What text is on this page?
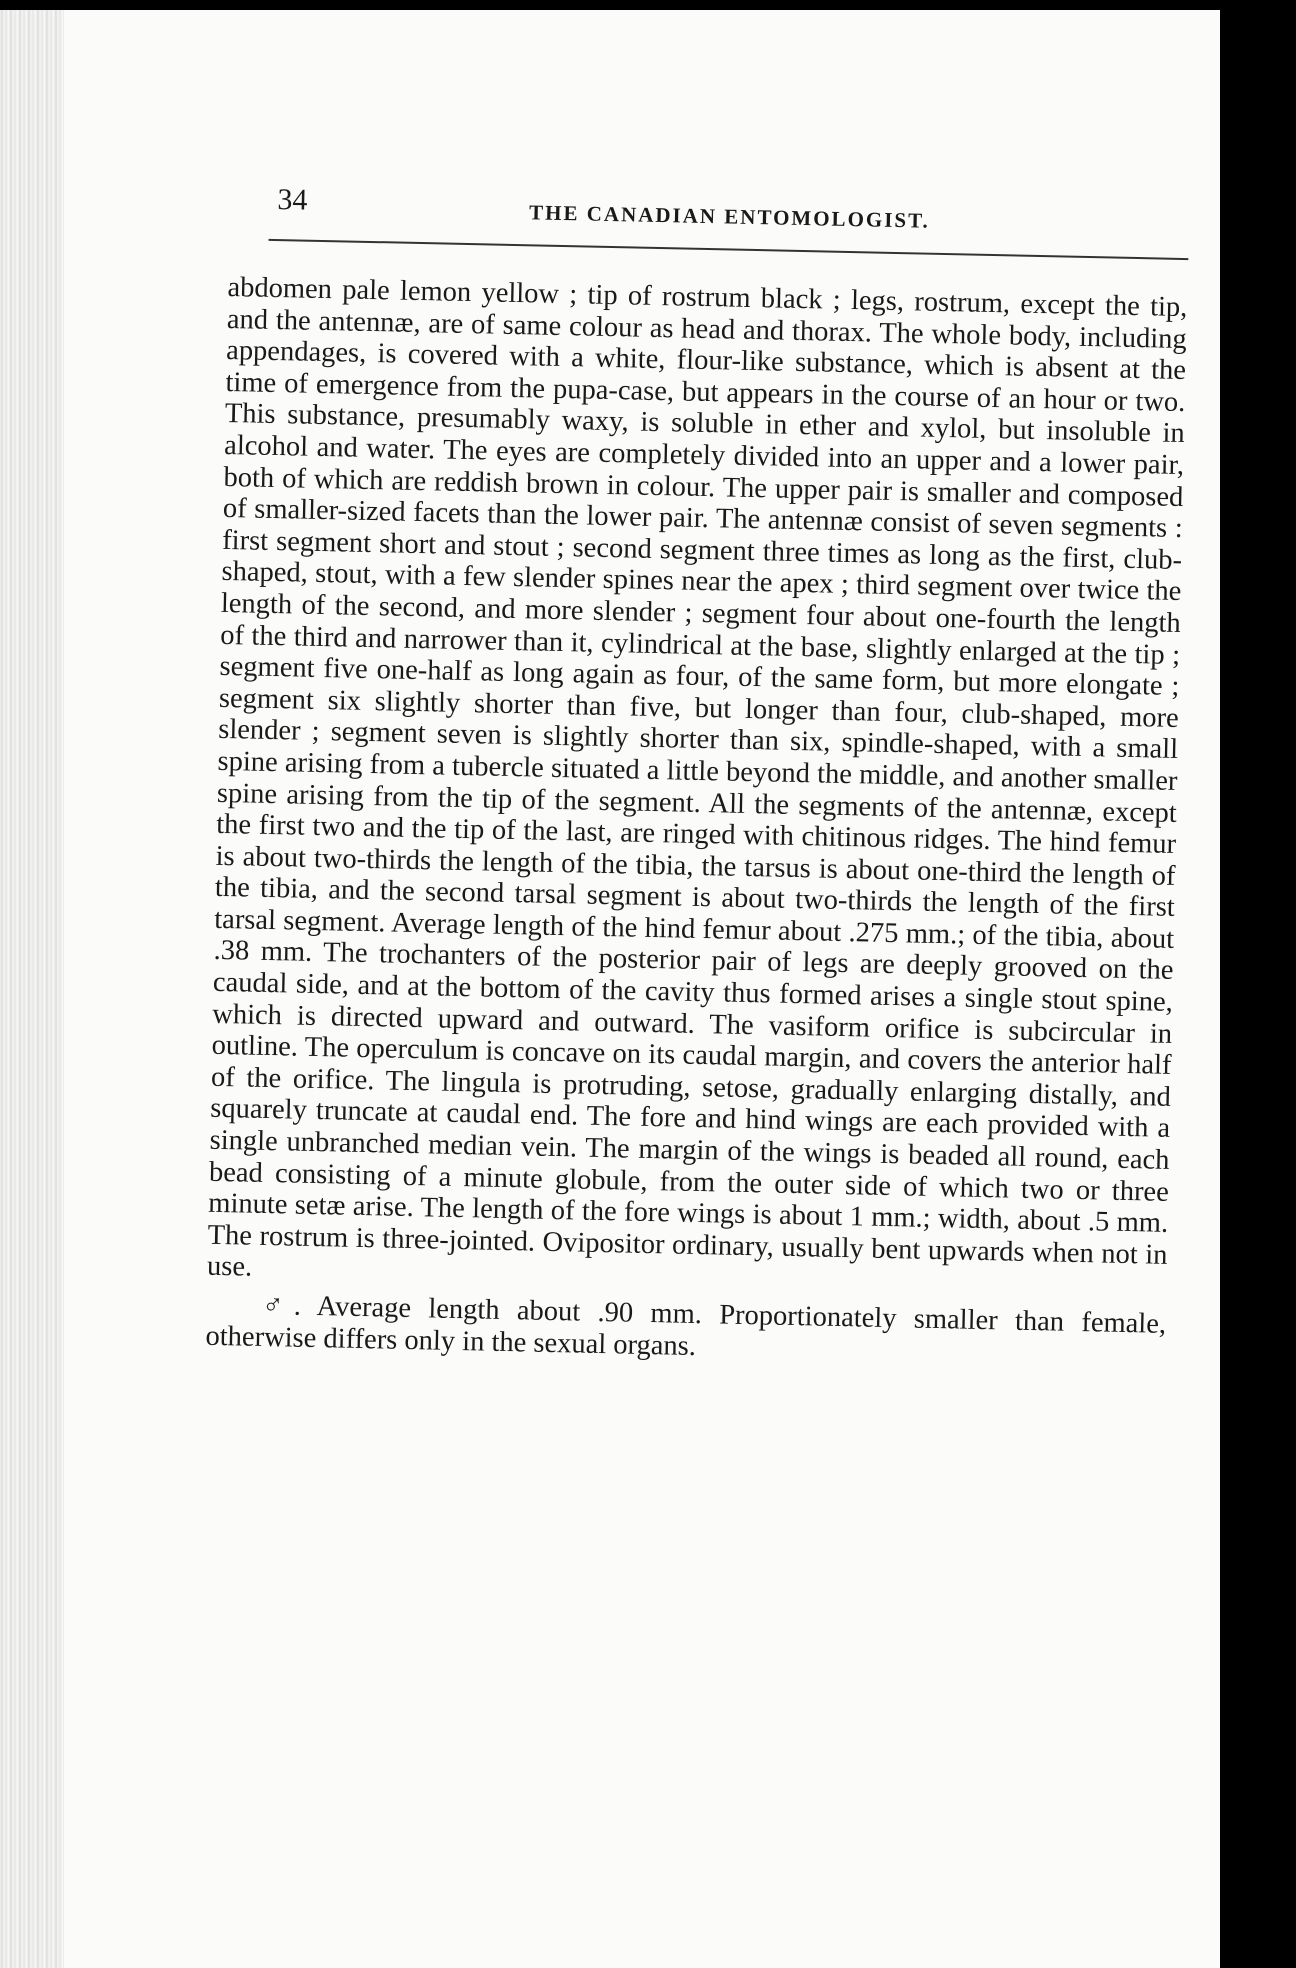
34	THE CANADIAN ENTOMOLOGIST.

abdomen pale lemon yellow ; tip of rostrum black ; legs, rostrum, except the tip, and the antennæ, are of same colour as head and thorax. The whole body, including appendages, is covered with a white, flour-like substance, which is absent at the time of emergence from the pupa-case, but appears in the course of an hour or two. This substance, presumably waxy, is soluble in ether and xylol, but insoluble in alcohol and water. The eyes are completely divided into an upper and a lower pair, both of which are reddish brown in colour. The upper pair is smaller and composed of smaller-sized facets than the lower pair. The antennæ consist of seven segments : first segment short and stout ; second segment three times as long as the first, club-shaped, stout, with a few slender spines near the apex ; third segment over twice the length of the second, and more slender ; segment four about one-fourth the length of the third and narrower than it, cylindrical at the base, slightly enlarged at the tip ; segment five one-half as long again as four, of the same form, but more elongate ; segment six slightly shorter than five, but longer than four, club-shaped, more slender ; segment seven is slightly shorter than six, spindle-shaped, with a small spine arising from a tubercle situated a little beyond the middle, and another smaller spine arising from the tip of the segment. All the segments of the antennæ, except the first two and the tip of the last, are ringed with chitinous ridges. The hind femur is about two-thirds the length of the tibia, the tarsus is about one-third the length of the tibia, and the second tarsal segment is about two-thirds the length of the first tarsal segment. Average length of the hind femur about .275 mm.; of the tibia, about .38 mm. The trochanters of the posterior pair of legs are deeply grooved on the caudal side, and at the bottom of the cavity thus formed arises a single stout spine, which is directed upward and outward. The vasiform orifice is subcircular in outline. The operculum is concave on its caudal margin, and covers the anterior half of the orifice. The lingula is protruding, setose, gradually enlarging distally, and squarely truncate at caudal end. The fore and hind wings are each provided with a single unbranched median vein. The margin of the wings is beaded all round, each bead consisting of a minute globule, from the outer side of which two or three minute setæ arise. The length of the fore wings is about 1 mm.; width, about .5 mm. The rostrum is three-jointed. Ovipositor ordinary, usually bent upwards when not in use.

♂. Average length about .90 mm. Proportionately smaller than female, otherwise differs only in the sexual organs.
